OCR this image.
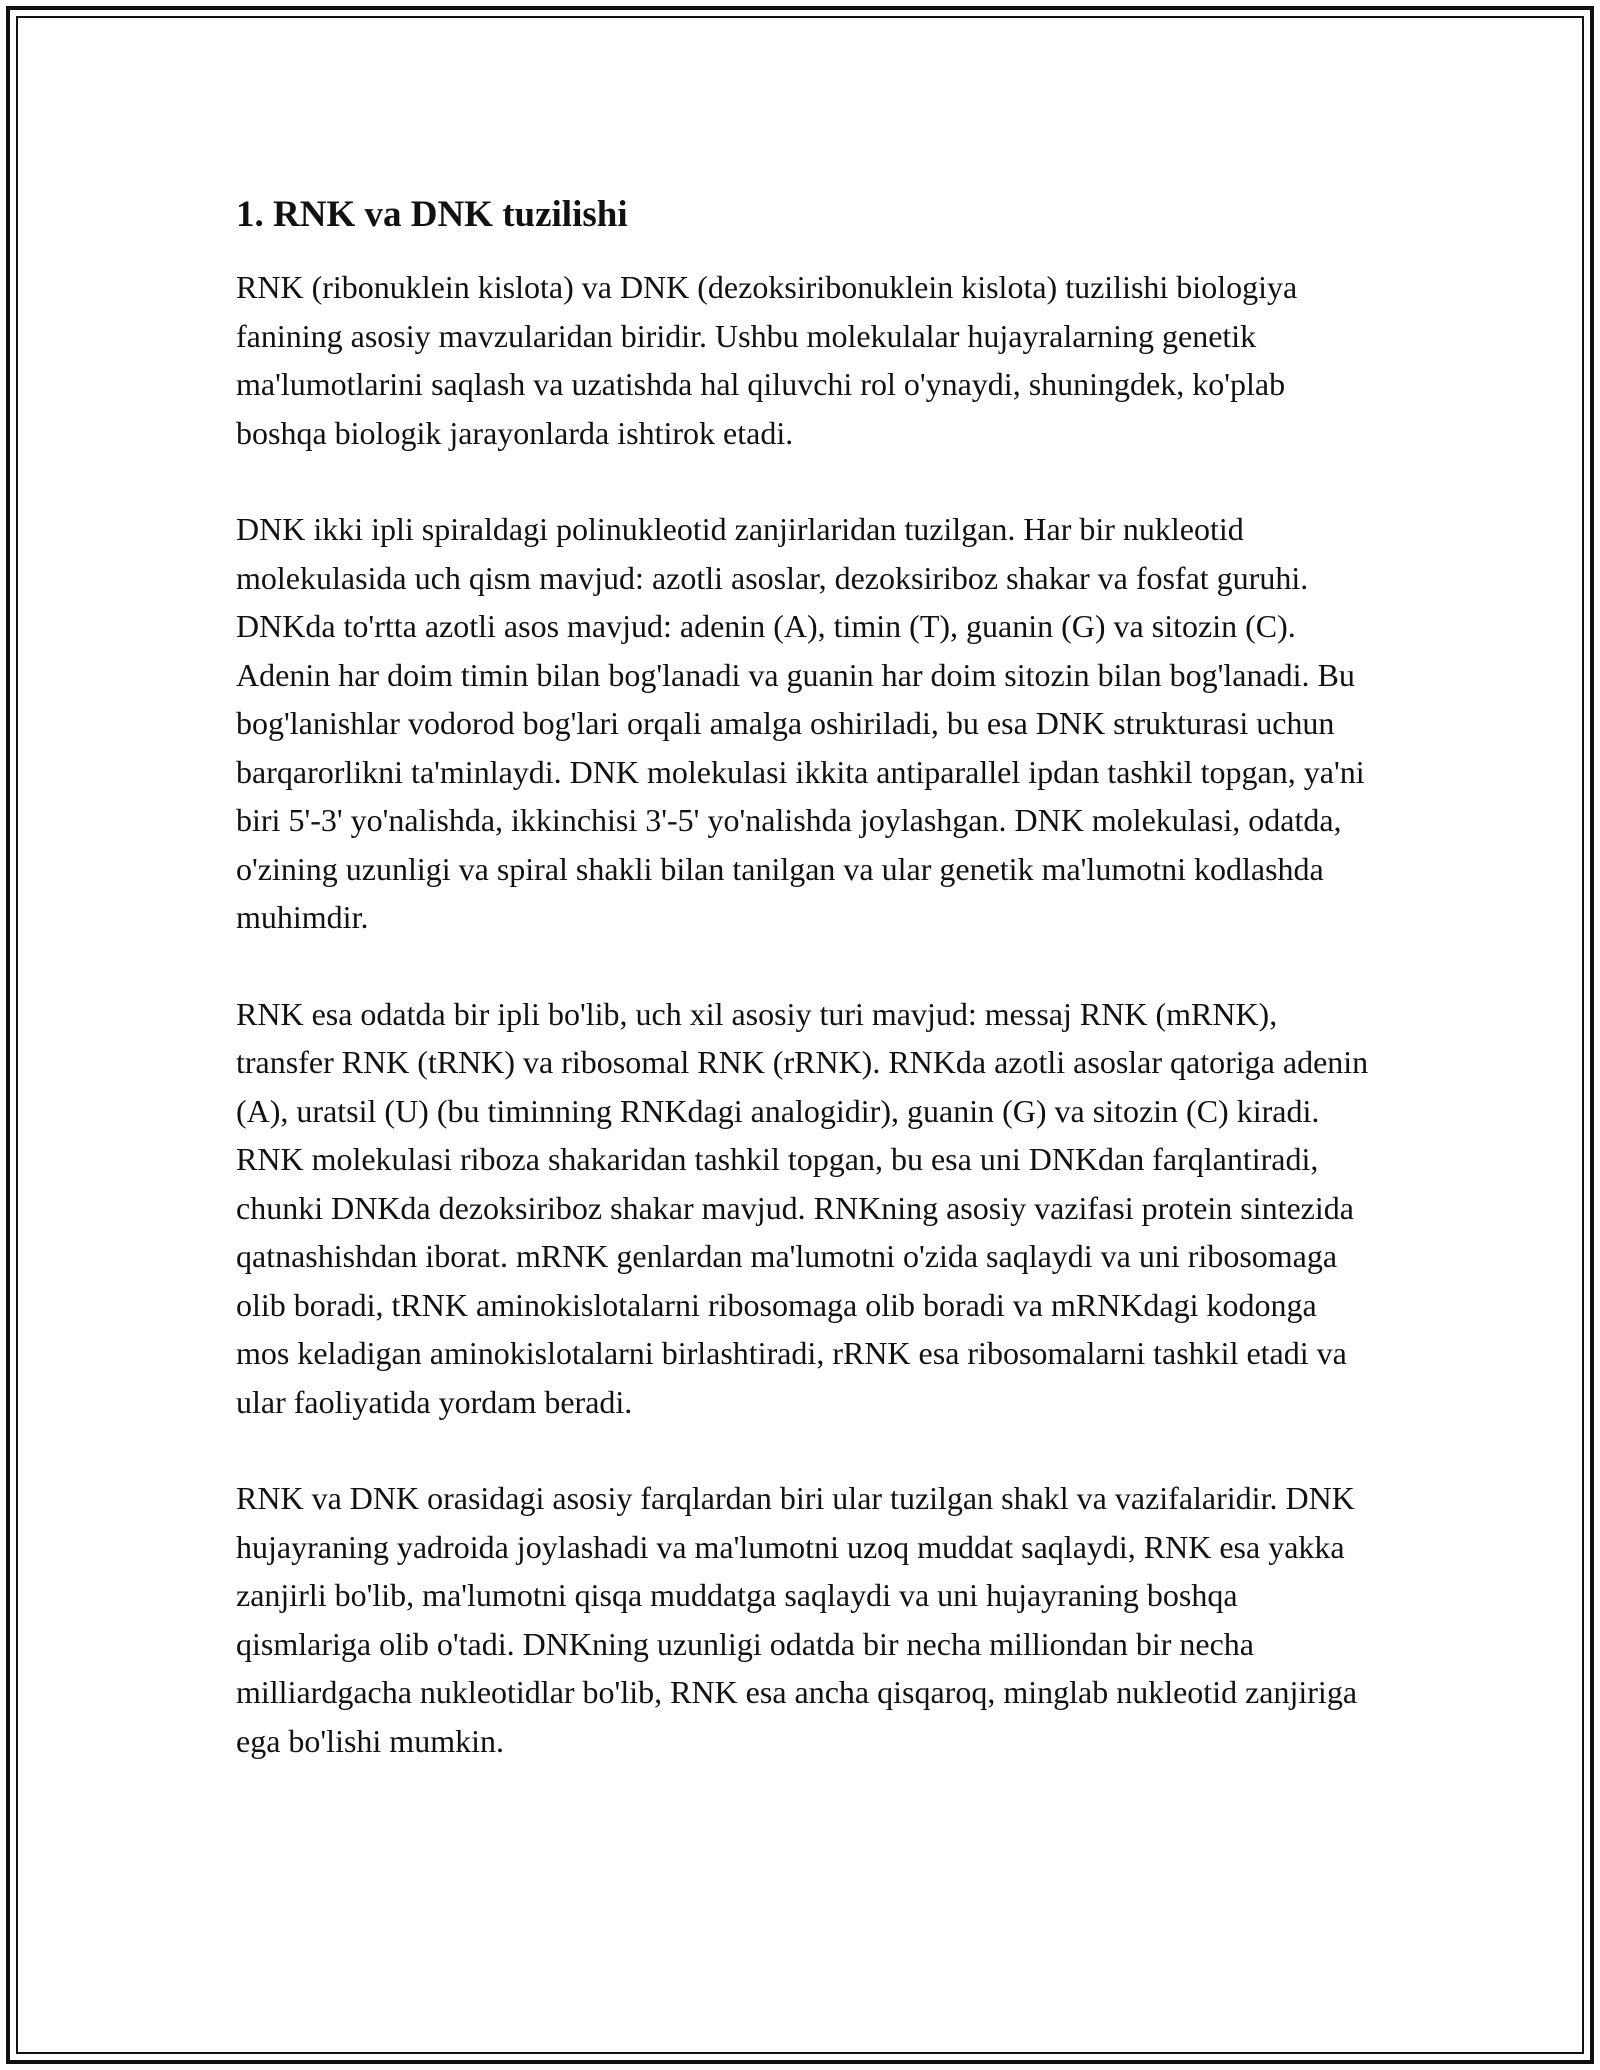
1. RNK va DNK tuzilishi

RNK (ribonuklein kislota) va DNK (dezoksiribonuklein kislota) tuzilishi biologiya fanining asosiy mavzularidan biridir. Ushbu molekulalar hujayralarning genetik ma'lumotlarini saqlash va uzatishda hal qiluvchi rol o'ynaydi, shuningdek, ko'plab boshqa biologik jarayonlarda ishtirok etadi.

DNK ikki ipli spiraldagi polinukleotid zanjirlaridan tuzilgan. Har bir nukleotid molekulasida uch qism mavjud: azotli asoslar, dezoksiriboz shakar va fosfat guruhi. DNKda to'rtta azotli asos mavjud: adenin (A), timin (T), guanin (G) va sitozin (C). Adenin har doim timin bilan bog'lanadi va guanin har doim sitozin bilan bog'lanadi. Bu bog'lanishlar vodorod bog'lari orqali amalga oshiriladi, bu esa DNK strukturasi uchun barqarorlikni ta'minlaydi. DNK molekulasi ikkita antiparallel ipdan tashkil topgan, ya'ni biri 5'-3' yo'nalishda, ikkinchisi 3'-5' yo'nalishda joylashgan. DNK molekulasi, odatda, o'zining uzunligi va spiral shakli bilan tanilgan va ular genetik ma'lumotni kodlashda muhimdir.

RNK esa odatda bir ipli bo'lib, uch xil asosiy turi mavjud: messaj RNK (mRNK), transfer RNK (tRNK) va ribosomal RNK (rRNK). RNKda azotli asoslar qatoriga adenin (A), uratsil (U) (bu timinning RNKdagi analogidir), guanin (G) va sitozin (C) kiradi. RNK molekulasi riboza shakaridan tashkil topgan, bu esa uni DNKdan farqlantiradi, chunki DNKda dezoksiriboz shakar mavjud. RNKning asosiy vazifasi protein sintezida qatnashishdan iborat. mRNK genlardan ma'lumotni o'zida saqlaydi va uni ribosomaga olib boradi, tRNK aminokislotalarni ribosomaga olib boradi va mRNKdagi kodonga mos keladigan aminokislotalarni birlashtiradi, rRNK esa ribosomalarni tashkil etadi va ular faoliyatida yordam beradi.

RNK va DNK orasidagi asosiy farqlardan biri ular tuzilgan shakl va vazifalaridir. DNK hujayraning yadroida joylashadi va ma'lumotni uzoq muddat saqlaydi, RNK esa yakka zanjirli bo'lib, ma'lumotni qisqa muddatga saqlaydi va uni hujayraning boshqa qismlariga olib o'tadi. DNKning uzunligi odatda bir necha milliondan bir necha milliardgacha nukleotidlar bo'lib, RNK esa ancha qisqaroq, minglab nukleotid zanjiriga ega bo'lishi mumkin.
